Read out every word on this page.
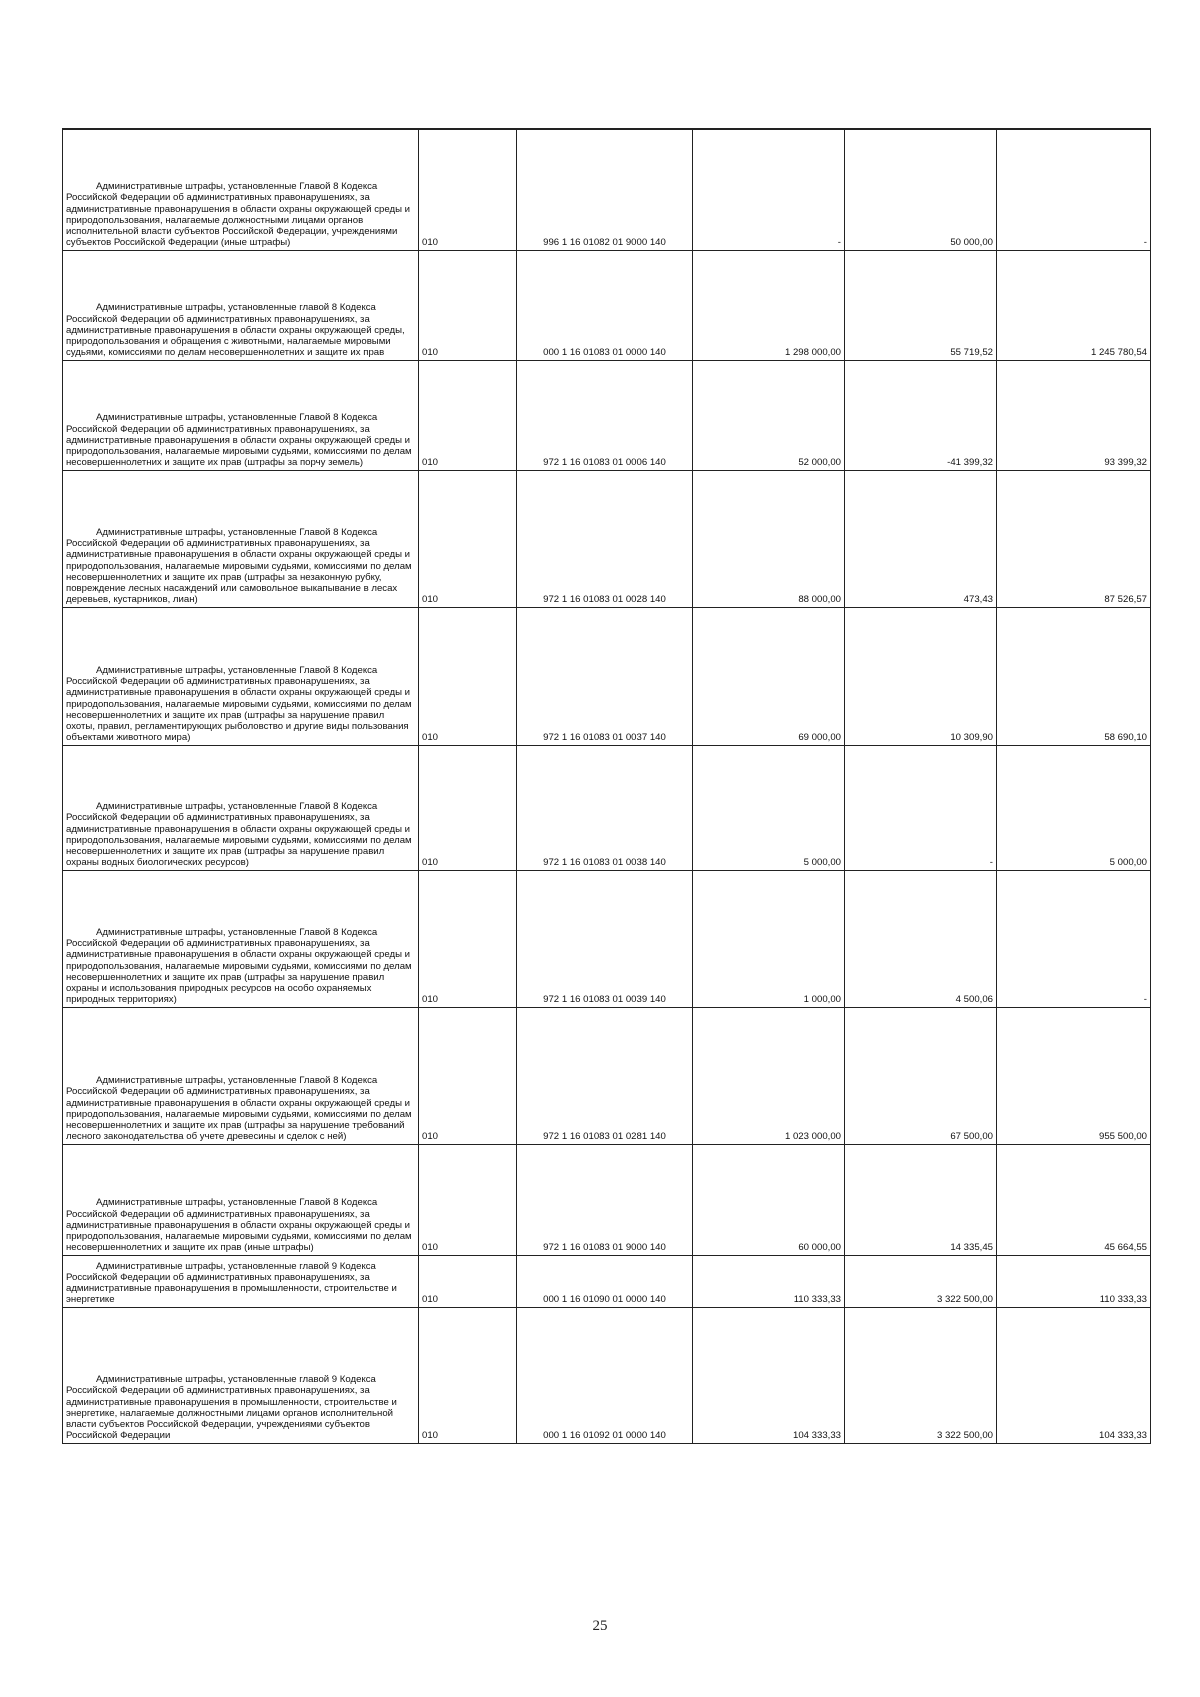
Административные штрафы, установленные Главой 8 Кодекса Российской Федерации об административных правонарушениях, за административные правонарушения в области охраны окружающей среды и природопользования, налагаемые должностными лицами органов исполнительной власти субъектов Российской Федерации, учреждениями субъектов Российской Федерации (иные штрафы)	010	996 1 16 01082 01 9000 140	-	50 000,00	-
Административные штрафы, установленные главой 8 Кодекса Российской Федерации об административных правонарушениях, за административные правонарушения в области охраны окружающей среды, природопользования и обращения с животными, налагаемые мировыми судьями, комиссиями по делам несовершеннолетних и защите их прав	010	000 1 16 01083 01 0000 140	1 298 000,00	55 719,52	1 245 780,54
Административные штрафы, установленные Главой 8 Кодекса Российской Федерации об административных правонарушениях, за административные правонарушения в области охраны окружающей среды и природопользования, налагаемые мировыми судьями, комиссиями по делам несовершеннолетних и защите их прав (штрафы за порчу земель)	010	972 1 16 01083 01 0006 140	52 000,00	-41 399,32	93 399,32
Административные штрафы, установленные Главой 8 Кодекса Российской Федерации об административных правонарушениях, за административные правонарушения в области охраны окружающей среды и природопользования, налагаемые мировыми судьями, комиссиями по делам несовершеннолетних и защите их прав (штрафы за незаконную рубку, повреждение лесных насаждений или самовольное выкапывание в лесах деревьев, кустарников, лиан)	010	972 1 16 01083 01 0028 140	88 000,00	473,43	87 526,57
Административные штрафы, установленные Главой 8 Кодекса Российской Федерации об административных правонарушениях, за административные правонарушения в области охраны окружающей среды и природопользования, налагаемые мировыми судьями, комиссиями по делам несовершеннолетних и защите их прав (штрафы за нарушение правил охоты, правил, регламентирующих рыболовство и другие виды пользования объектами животного мира)	010	972 1 16 01083 01 0037 140	69 000,00	10 309,90	58 690,10
Административные штрафы, установленные Главой 8 Кодекса Российской Федерации об административных правонарушениях, за административные правонарушения в области охраны окружающей среды и природопользования, налагаемые мировыми судьями, комиссиями по делам несовершеннолетних и защите их прав (штрафы за нарушение правил охраны водных биологических ресурсов)	010	972 1 16 01083 01 0038 140	5 000,00	-	5 000,00
Административные штрафы, установленные Главой 8 Кодекса Российской Федерации об административных правонарушениях, за административные правонарушения в области охраны окружающей среды и природопользования, налагаемые мировыми судьями, комиссиями по делам несовершеннолетних и защите их прав (штрафы за нарушение правил охраны и использования природных ресурсов на особо охраняемых природных территориях)	010	972 1 16 01083 01 0039 140	1 000,00	4 500,06	-
Административные штрафы, установленные Главой 8 Кодекса Российской Федерации об административных правонарушениях, за административные правонарушения в области охраны окружающей среды и природопользования, налагаемые мировыми судьями, комиссиями по делам несовершеннолетних и защите их прав (штрафы за нарушение требований лесного законодательства об учете древесины и сделок с ней)	010	972 1 16 01083 01 0281 140	1 023 000,00	67 500,00	955 500,00
Административные штрафы, установленные Главой 8 Кодекса Российской Федерации об административных правонарушениях, за административные правонарушения в области охраны окружающей среды и природопользования, налагаемые мировыми судьями, комиссиями по делам несовершеннолетних и защите их прав (иные штрафы)	010	972 1 16 01083 01 9000 140	60 000,00	14 335,45	45 664,55
Административные штрафы, установленные главой 9 Кодекса Российской Федерации об административных правонарушениях, за административные правонарушения в промышленности, строительстве и энергетике	010	000 1 16 01090 01 0000 140	110 333,33	3 322 500,00	110 333,33
Административные штрафы, установленные главой 9 Кодекса Российской Федерации об административных правонарушениях, за административные правонарушения в промышленности, строительстве и энергетике, налагаемые должностными лицами органов исполнительной власти субъектов Российской Федерации, учреждениями субъектов Российской Федерации	010	000 1 16 01092 01 0000 140	104 333,33	3 322 500,00	104 333,33
25
